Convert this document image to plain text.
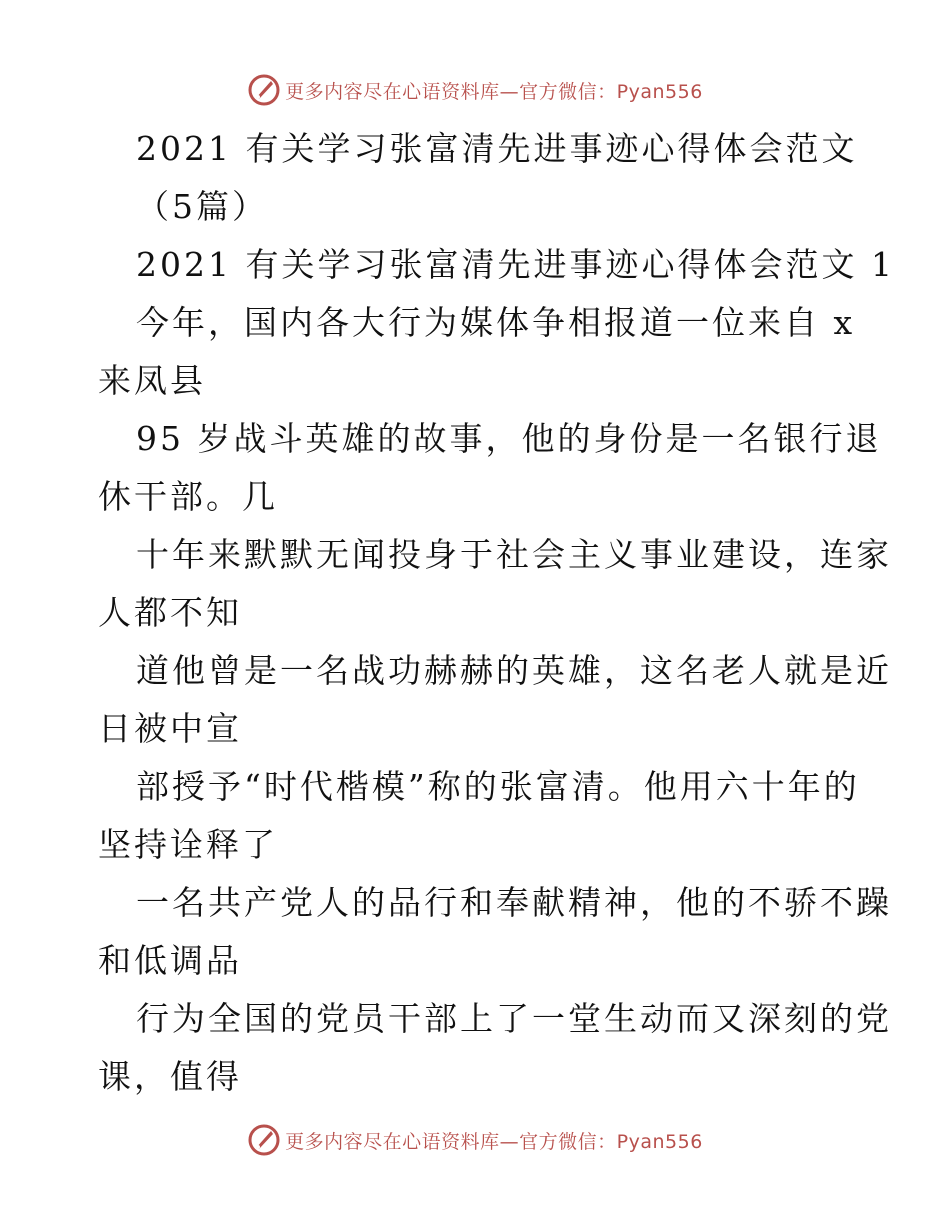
更多内容尽在心语资料库—官方微信：Pyan556
2021 有关学习张富清先进事迹心得体会范文
（5篇）
2021 有关学习张富清先进事迹心得体会范文 1
今年，国内各大行为媒体争相报道一位来自 x
来凤县
95 岁战斗英雄的故事，他的身份是一名银行退
休干部。几
十年来默默无闻投身于社会主义事业建设，连家
人都不知
道他曾是一名战功赫赫的英雄，这名老人就是近
日被中宣
部授予“时代楷模”称的张富清。他用六十年的
坚持诠释了
一名共产党人的品行和奉献精神，他的不骄不躁
和低调品
行为全国的党员干部上了一堂生动而又深刻的党
课，值得
更多内容尽在心语资料库—官方微信：Pyan556
